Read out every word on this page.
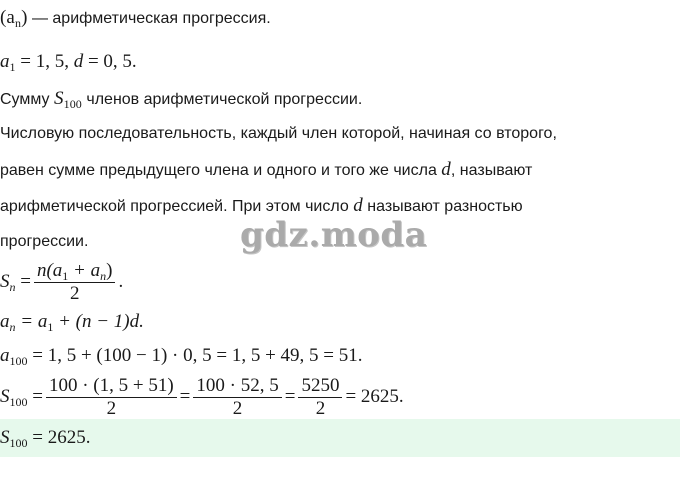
$(a_n)$ — арифметическая прогрессия.
$a_1 = 1$, 5, d = 0, 5.
Сумму $S_{100}$ членов арифметической прогрессии.
Числовую последовательность, каждый член которой, начиная со второго,
равен сумме предыдущего члена и одного и того же числа d, называют
арифметической прогрессией. При этом число d называют разностью
прогрессии.	gdz.moda
$S_n = \frac{n(a_1 + a_n)}{2}$ .
$a_n = a_1 + (n - 1)d$.
$a_{100} = 1$, 5 + (100 − 1) · 0, 5 = 1, 5 + 49, 5 = 51.
$S_{100} = \frac{100 \cdot (1, 5 + 51)}{2} = \frac{100 \cdot 52, 5}{2} = \frac{5250}{2} = 2625$.
$S_{100} = 2625$.
